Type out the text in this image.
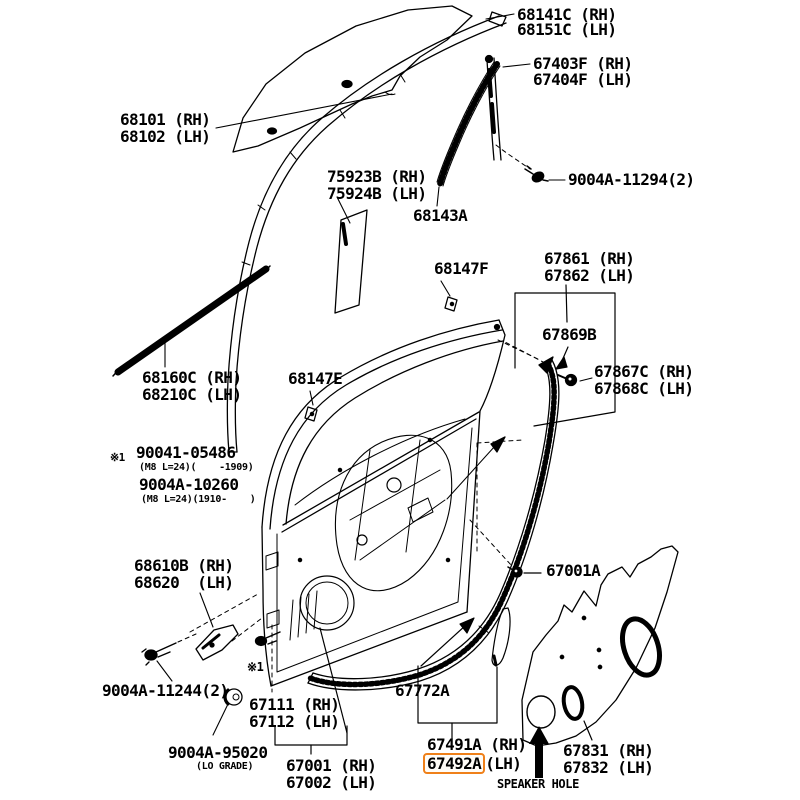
68141C (RH)
68151C (LH)
67403F (RH)
67404F (LH)
68101 (RH)
68102 (LH)
75923B (RH)
75924B (LH)
9004A-11294(2)
68143A
68147F
67861 (RH)
67862 (LH)
67869B
67867C (RH)
67868C (LH)
68160C (RH)
68210C (LH)
68147E
※1 90041-05486
(M8 L=24)(    -1909)
9004A-10260
(M8 L=24)(1910-    )
68610B (RH)
68620  (LH)
※1
9004A-11244(2)
67111 (RH)
67112 (LH)
9004A-95020
(LO GRADE) 67001 (RH)
67002 (LH)
67001A
67772A
67491A (RH)
67492A (LH)
67831 (RH)
67832 (LH)
SPEAKER HOLE
